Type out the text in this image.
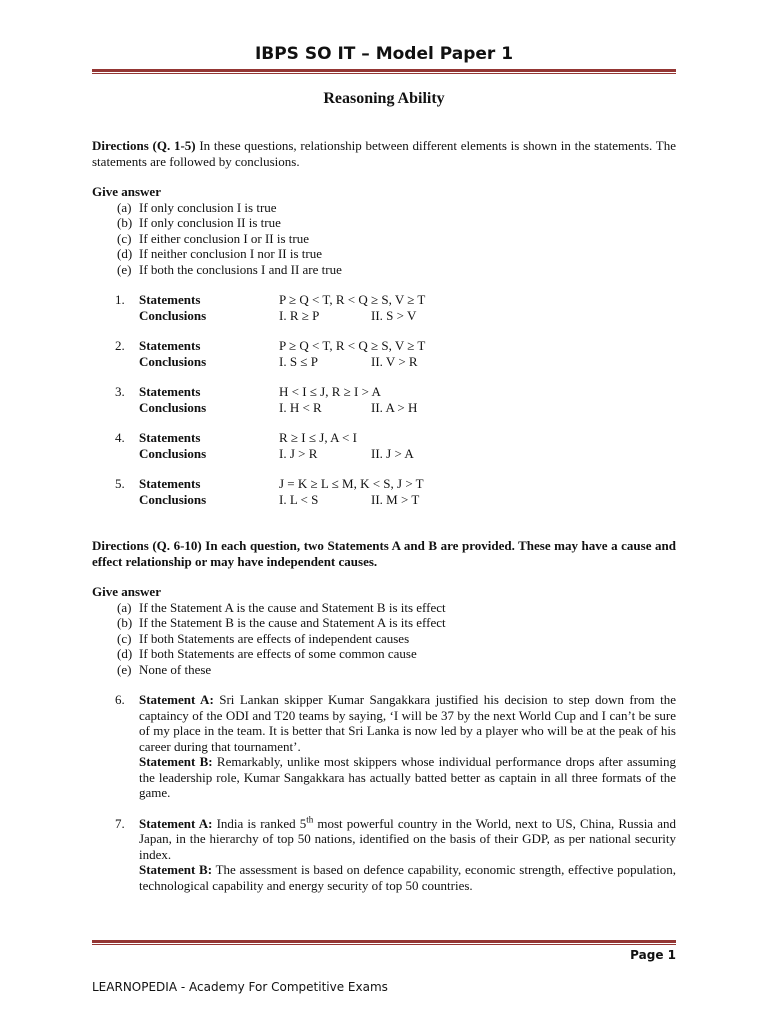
IBPS SO IT – Model Paper 1
Reasoning Ability

Directions (Q. 1-5) In these questions, relationship between different elements is shown in the statements. The statements are followed by conclusions.

Give answer

(a) If only conclusion I is true

(b) If only conclusion II is true

(c) If either conclusion I or II is true

(d) If neither conclusion I nor II is true

(e) If both the conclusions I and II are true

1. Statements	P ≥ Q < T, R < Q ≥ S, V ≥ T
Conclusions	I. R ≥ P	II. S > V
2. Statements	P ≥ Q < T, R < Q ≥ S, V ≥ T
Conclusions	I. S ≤ P	II. V > R
3. Statements	H < I ≤ J, R ≥ I > A
Conclusions	I. H < R	II. A > H
4. Statements	R ≥ I ≤ J, A < I
Conclusions	I. J > R	II. J > A
5. Statements	J = K ≥ L ≤ M, K < S, J > T
Conclusions	I. L < S	II. M > T

Directions (Q. 6-10) In each question, two Statements A and B are provided. These may have a cause and effect relationship or may have independent causes.

Give answer

(a) If the Statement A is the cause and Statement B is its effect

(b) If the Statement B is the cause and Statement A is its effect

(c) If both Statements are effects of independent causes

(d) If both Statements are effects of some common cause

(e) None of these

6. Statement A: Sri Lankan skipper Kumar Sangakkara justified his decision to step down from the captaincy of the ODI and T20 teams by saying, ‘I will be 37 by the next World Cup and I can’t be sure of my place in the team. It is better that Sri Lanka is now led by a player who will be at the peak of his career during that tournament’.

Statement B: Remarkably, unlike most skippers whose individual performance drops after assuming the leadership role, Kumar Sangakkara has actually batted better as captain in all three formats of the game.

7. Statement A: India is ranked 5th most powerful country in the World, next to US, China, Russia and Japan, in the hierarchy of top 50 nations, identified on the basis of their GDP, as per national security index.

Statement B: The assessment is based on defence capability, economic strength, effective population, technological capability and energy security of top 50 countries.

Page 1
LEARNOPEDIA - Academy For Competitive Exams
